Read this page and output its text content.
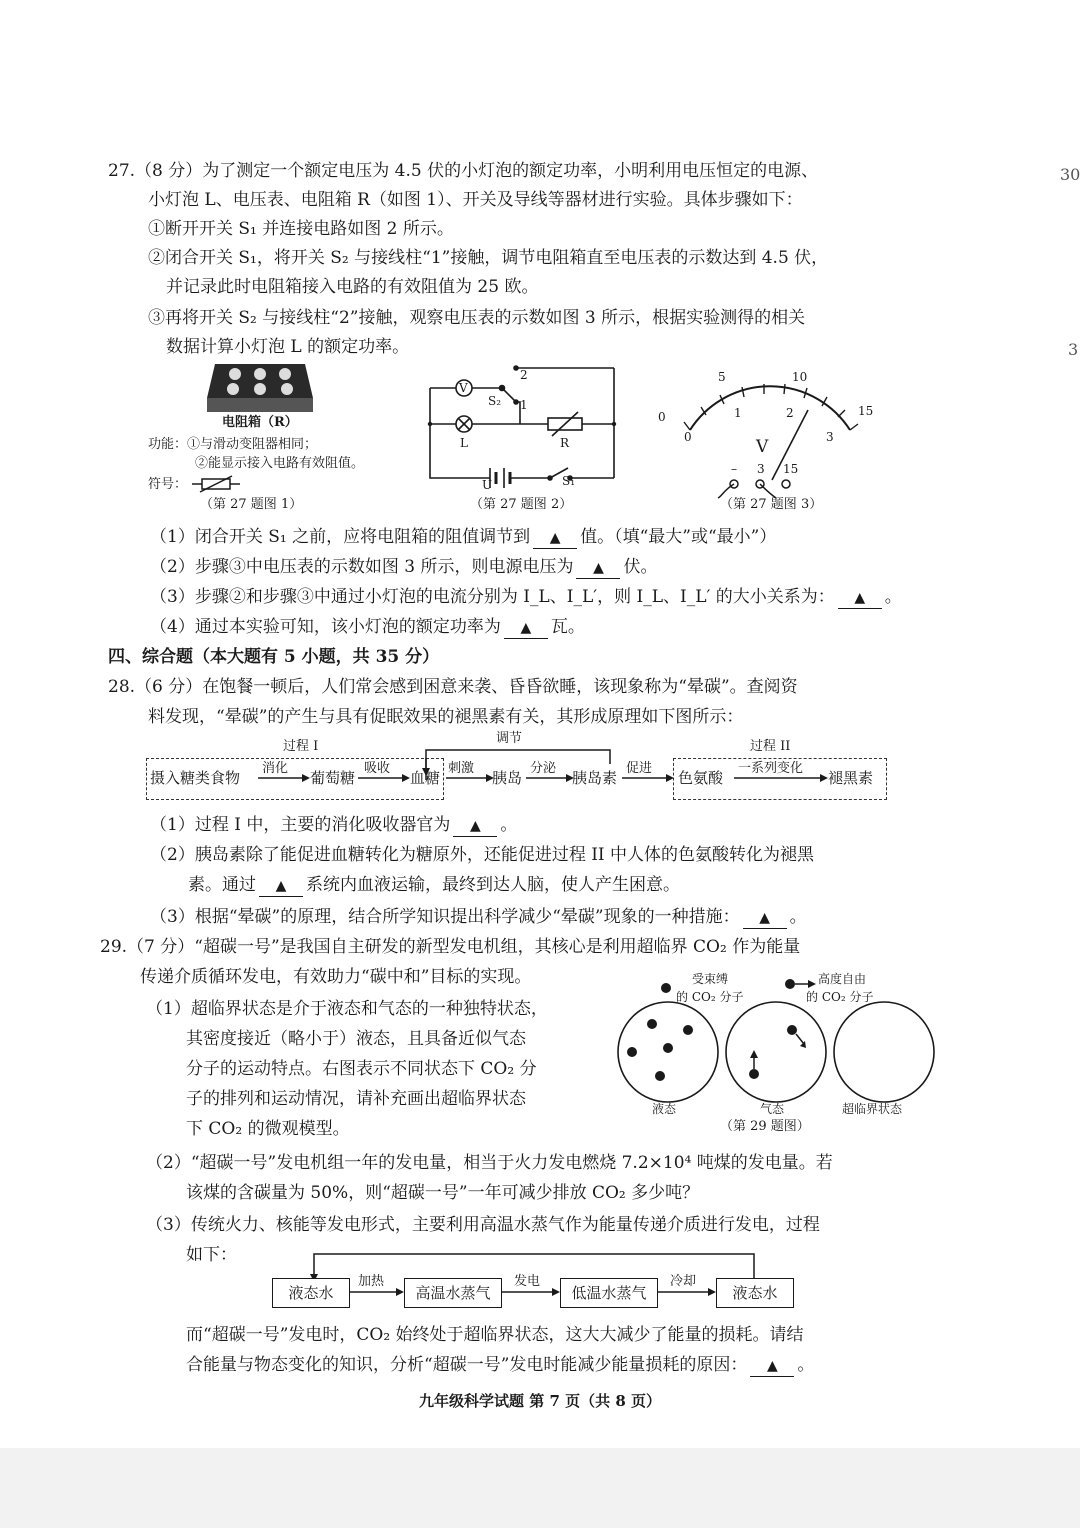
30
3
27.（8 分）为了测定一个额定电压为 4.5 伏的小灯泡的额定功率，小明利用电压恒定的电源、
小灯泡 L、电压表、电阻箱 R（如图 1）、开关及导线等器材进行实验。具体步骤如下：
①断开开关 S₁ 并连接电路如图 2 所示。
②闭合开关 S₁，将开关 S₂ 与接线柱“1”接触，调节电阻箱直至电压表的示数达到 4.5 伏，
并记录此时电阻箱接入电路的有效阻值为 25 欧。
③再将开关 S₂ 与接线柱“2”接触，观察电压表的示数如图 3 所示，根据实验测得的相关
数据计算小灯泡 L 的额定功率。
电阻箱（R）
功能：①与滑动变阻器相同；
②能显示接入电路有效阻值。
符号：
（第 27 题图 1）
V
S₂ 1
2
L	R
U	S₁
（第 27 题图 2）
0
5	10
15
0
1	2
3
V
– 3 15
（第 27 题图 3）
（1）闭合开关 S₁ 之前，应将电阻箱的阻值调节到 ▲ 值。（填“最大”或“最小”）
（2）步骤③中电压表的示数如图 3 所示，则电源电压为 ▲ 伏。
（3）步骤②和步骤③中通过小灯泡的电流分别为 I_L、I_L′，则 I_L、I_L′ 的大小关系为： ▲ 。
（4）通过本实验可知，该小灯泡的额定功率为 ▲ 瓦。
四、综合题（本大题有 5 小题，共 35 分）
28.（6 分）在饱餐一顿后，人们常会感到困意来袭、昏昏欲睡，该现象称为“晕碳”。查阅资
料发现，“晕碳”的产生与具有促眠效果的褪黑素有关，其形成原理如下图所示：
过程 I
调节
过程 II
摄入糖类食物
消化
葡萄糖
吸收
血糖
刺激
胰岛
分泌
胰岛素
促进
色氨酸
一系列变化
褪黑素
（1）过程 I 中，主要的消化吸收器官为 ▲ 。
（2）胰岛素除了能促进血糖转化为糖原外，还能促进过程 II 中人体的色氨酸转化为褪黑
素。通过 ▲ 系统内血液运输，最终到达人脑，使人产生困意。
（3）根据“晕碳”的原理，结合所学知识提出科学减少“晕碳”现象的一种措施： ▲ 。
29.（7 分）“超碳一号”是我国自主研发的新型发电机组，其核心是利用超临界 CO₂ 作为能量
传递介质循环发电，有效助力“碳中和”目标的实现。
（1）超临界状态是介于液态和气态的一种独特状态，
其密度接近（略小于）液态，且具备近似气态
分子的运动特点。右图表示不同状态下 CO₂ 分
子的排列和运动情况，请补充画出超临界状态
下 CO₂ 的微观模型。
受束缚
的 CO₂ 分子
高度自由
的 CO₂ 分子
液态	气态	超临界状态
（第 29 题图）
（2）“超碳一号”发电机组一年的发电量，相当于火力发电燃烧 7.2×10⁴ 吨煤的发电量。若
该煤的含碳量为 50%，则“超碳一号”一年可减少排放 CO₂ 多少吨？
（3）传统火力、核能等发电形式，主要利用高温水蒸气作为能量传递介质进行发电，过程
如下：
液态水
加热
高温水蒸气
发电
低温水蒸气
冷却
液态水
而“超碳一号”发电时，CO₂ 始终处于超临界状态，这大大减少了能量的损耗。请结
合能量与物态变化的知识，分析“超碳一号”发电时能减少能量损耗的原因： ▲ 。
九年级科学试题 第 7 页（共 8 页）
